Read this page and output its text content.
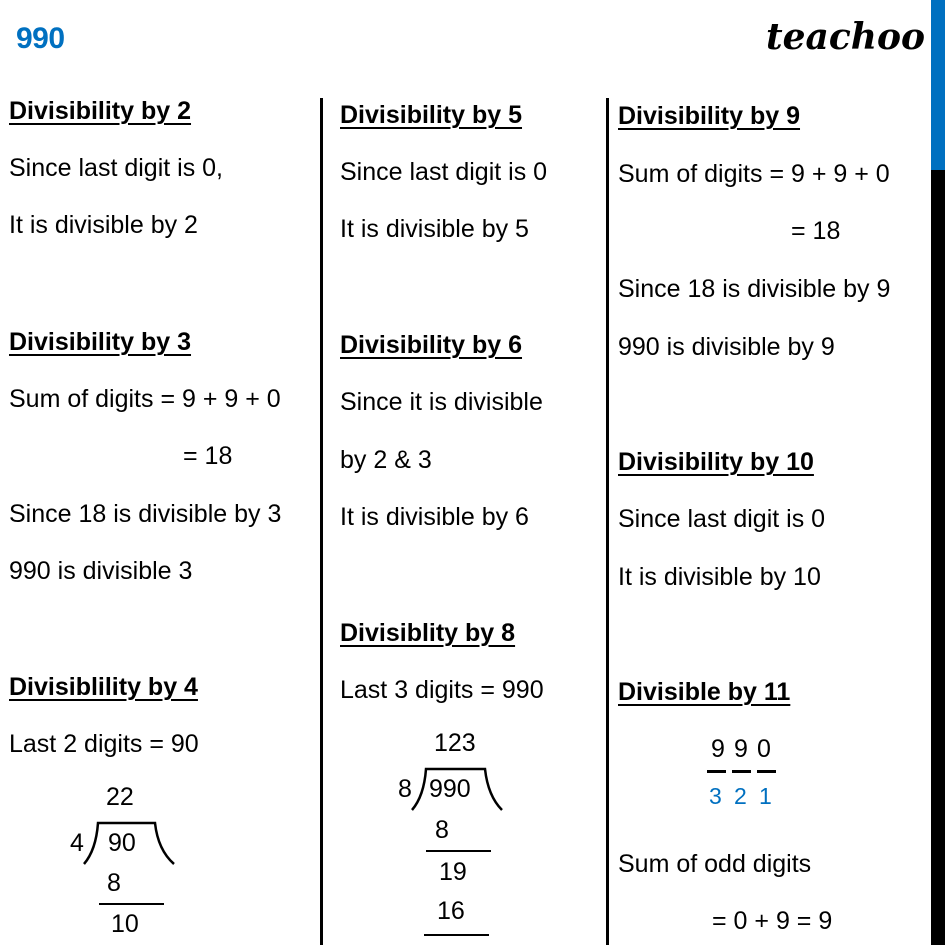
990	teachoo
Divisibility by 2
Since last digit is 0,
It is divisible by 2
Divisibility by 3
Sum of digits = 9 + 9 + 0
= 18
Since 18 is divisible by 3
990 is divisible 3
Divisiblility by 4
Last 2 digits = 90
22
4 90
8
10
Divisibility by 5
Since last digit is 0
It is divisible by 5
Divisibility by 6
Since it is divisible
by 2 & 3
It is divisible by 6
Divisiblity by 8
Last 3 digits = 990
123
8 990
8
19
16
Divisibility by 9
Sum of digits = 9 + 9 + 0
= 18
Since 18 is divisible by 9
990 is divisible by 9
Divisibility by 10
Since last digit is 0
It is divisible by 10
Divisible by 11
9 9 0
3 2 1
Sum of odd digits
= 0 + 9 = 9
